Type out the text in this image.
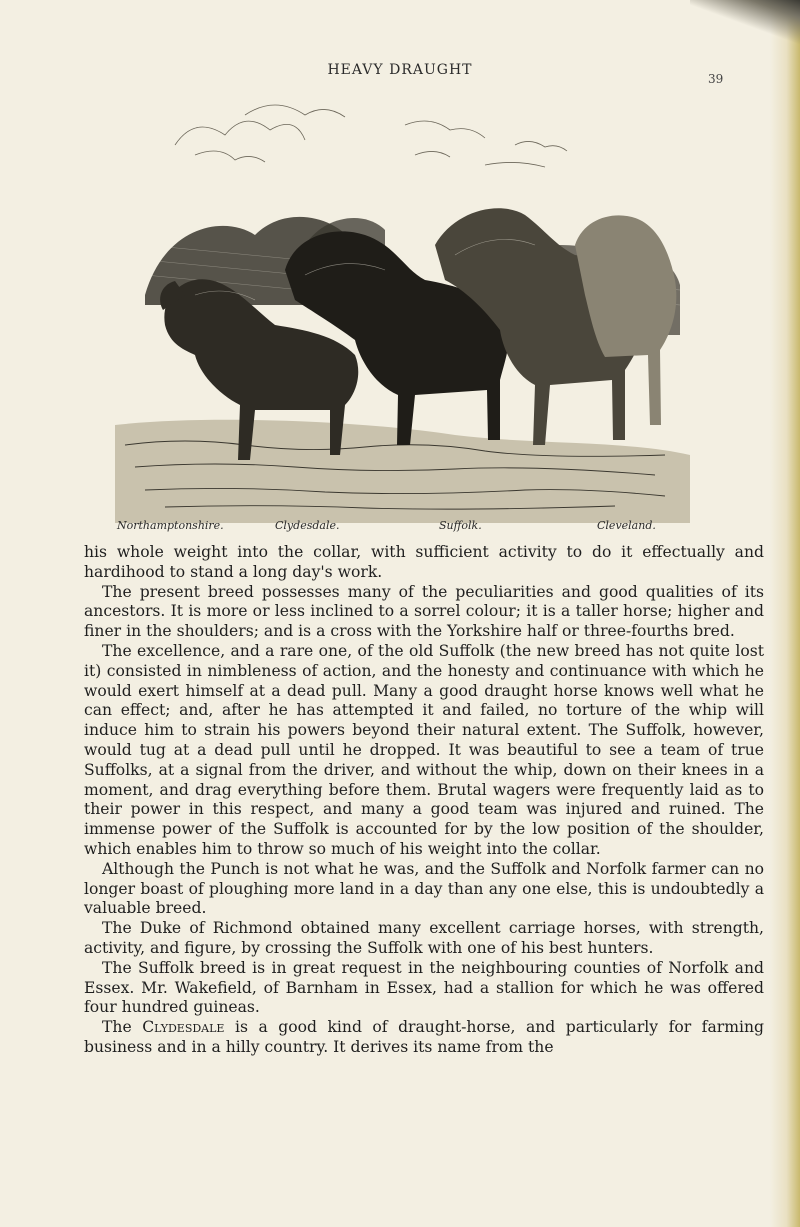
HEAVY DRAUGHT
39
Northamptonshire.	Clydesdale.	Suffolk.	Cleveland.

his whole weight into the collar, with sufficient activity to do it effectually and hardihood to stand a long day's work.

The present breed possesses many of the peculiarities and good qualities of its ancestors. It is more or less inclined to a sorrel colour; it is a taller horse; higher and finer in the shoulders; and is a cross with the Yorkshire half or three-fourths bred.

The excellence, and a rare one, of the old Suffolk (the new breed has not quite lost it) consisted in nimbleness of action, and the honesty and continuance with which he would exert himself at a dead pull. Many a good draught horse knows well what he can effect; and, after he has attempted it and failed, no torture of the whip will induce him to strain his powers beyond their natural extent. The Suffolk, however, would tug at a dead pull until he dropped. It was beautiful to see a team of true Suffolks, at a signal from the driver, and without the whip, down on their knees in a moment, and drag everything before them. Brutal wagers were frequently laid as to their power in this respect, and many a good team was injured and ruined. The immense power of the Suffolk is accounted for by the low position of the shoulder, which enables him to throw so much of his weight into the collar.

Although the Punch is not what he was, and the Suffolk and Norfolk farmer can no longer boast of ploughing more land in a day than any one else, this is undoubtedly a valuable breed.

The Duke of Richmond obtained many excellent carriage horses, with strength, activity, and figure, by crossing the Suffolk with one of his best hunters.

The Suffolk breed is in great request in the neighbouring counties of Norfolk and Essex. Mr. Wakefield, of Barnham in Essex, had a stallion for which he was offered four hundred guineas.

The Clydesdale is a good kind of draught-horse, and particularly for farming business and in a hilly country. It derives its name from the
